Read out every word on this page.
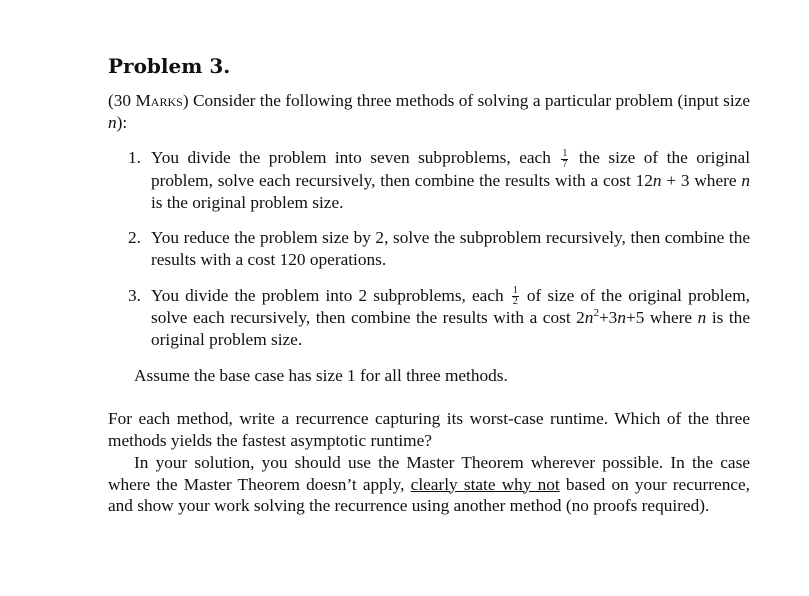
Problem 3.

(30 Marks) Consider the following three methods of solving a particular problem (input size n):

1. You divide the problem into seven subproblems, each $\frac{1}{7}$ the size of the original problem, solve each recursively, then combine the results with a cost 12n + 3 where n is the original problem size.
2. You reduce the problem size by 2, solve the subproblem recursively, then combine the results with a cost 120 operations.
3. You divide the problem into 2 subproblems, each $\frac{1}{2}$ of size of the original problem, solve each recursively, then combine the results with a cost $2n^2+3n+5$ where n is the original problem size.

Assume the base case has size 1 for all three methods.

For each method, write a recurrence capturing its worst-case runtime. Which of the three methods yields the fastest asymptotic runtime?

In your solution, you should use the Master Theorem wherever possible. In the case where the Master Theorem doesn’t apply, clearly state why not based on your recurrence, and show your work solving the recurrence using another method (no proofs required).
